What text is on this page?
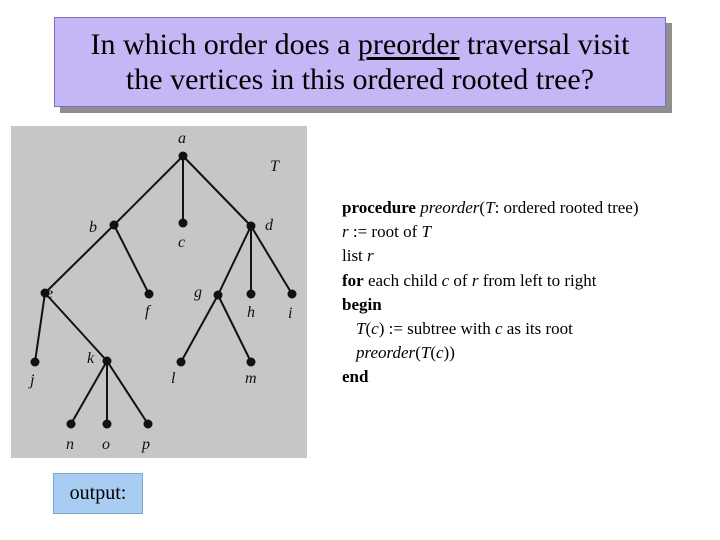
In which order does a preorder traversal visit
the vertices in this ordered rooted tree?
T
a
b
c
d
e
f
g
h i
j
k
l	m
n o p
procedure preorder(T: ordered rooted tree)
r := root of T
list r
for each child c of r from left to right
begin
T(c) := subtree with c as its root
preorder(T(c))
end
output:
